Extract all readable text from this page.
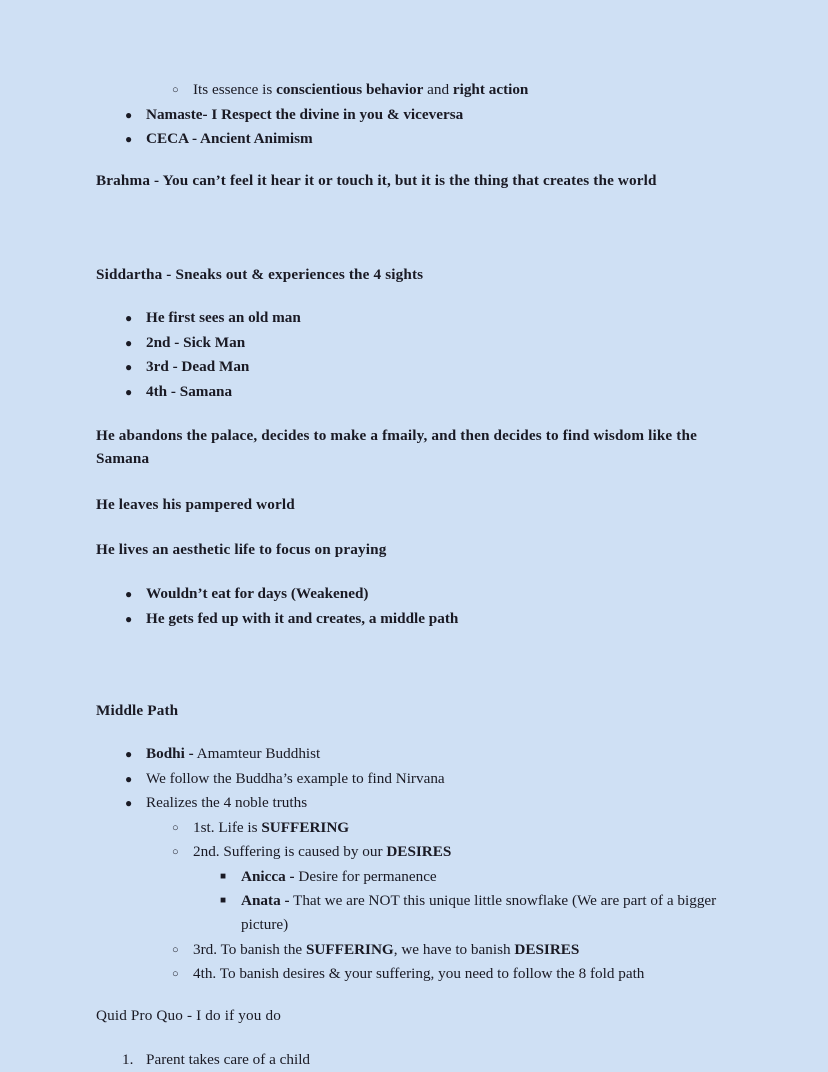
○ Its essence is conscientious behavior and right action
● Namaste- I Respect the divine in you & viceversa
● CECA - Ancient Animism

Brahma - You can’t feel it hear it or touch it, but it is the thing that creates the world

Siddartha - Sneaks out & experiences the 4 sights

● He first sees an old man
● 2nd - Sick Man
● 3rd - Dead Man
● 4th - Samana

He abandons the palace, decides to make a fmaily, and then decides to find wisdom like the Samana

He leaves his pampered world

He lives an aesthetic life to focus on praying

● Wouldn’t eat for days (Weakened)
● He gets fed up with it and creates, a middle path

Middle Path

● Bodhi - Amamteur Buddhist
● We follow the Buddha’s example to find Nirvana
● Realizes the 4 noble truths
○ 1st. Life is SUFFERING
○ 2nd. Suffering is caused by our DESIRES
■ Anicca - Desire for permanence
■ Anata - That we are NOT this unique little snowflake (We are part of a bigger picture)
○ 3rd. To banish the SUFFERING, we have to banish DESIRES
○ 4th. To banish desires & your suffering, you need to follow the 8 fold path

Quid Pro Quo - I do if you do

1. Parent takes care of a child
